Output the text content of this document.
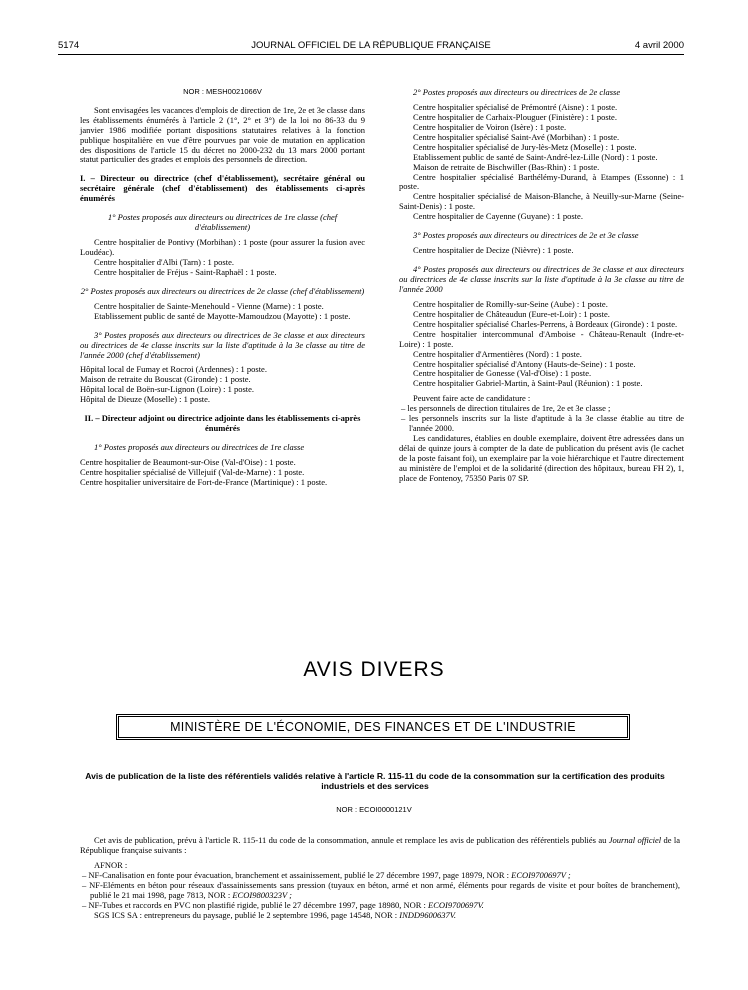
5174	JOURNAL OFFICIEL DE LA RÉPUBLIQUE FRANÇAISE	4 avril 2000

NOR : MESH0021066V

Sont envisagées les vacances d'emplois de direction de 1re, 2e et 3e classe dans les établissements énumérés à l'article 2 (1°, 2° et 3°) de la loi no 86-33 du 9 janvier 1986 modifiée portant dispositions statutaires relatives à la fonction publique hospitalière en vue d'être pourvues par voie de mutation en application des dispositions de l'article 15 du décret no 2000-232 du 13 mars 2000 portant statut particulier des grades et emplois des personnels de direction.

I. – Directeur ou directrice (chef d'établissement), secrétaire général ou secrétaire générale (chef d'établissement) des établissements ci-après énumérés

1° Postes proposés aux directeurs ou directrices de 1re classe (chef d'établissement)

Centre hospitalier de Pontivy (Morbihan) : 1 poste (pour assurer la fusion avec Loudéac).

Centre hospitalier d'Albi (Tarn) : 1 poste.

Centre hospitalier de Fréjus - Saint-Raphaël : 1 poste.

2° Postes proposés aux directeurs ou directrices de 2e classe (chef d'établissement)

Centre hospitalier de Sainte-Menehould - Vienne (Marne) : 1 poste.

Etablissement public de santé de Mayotte-Mamoudzou (Mayotte) : 1 poste.

3° Postes proposés aux directeurs ou directrices de 3e classe et aux directeurs ou directrices de 4e classe inscrits sur la liste d'aptitude à la 3e classe au titre de l'année 2000 (chef d'établissement)

Hôpital local de Fumay et Rocroi (Ardennes) : 1 poste.

Maison de retraite du Bouscat (Gironde) : 1 poste.

Hôpital local de Boën-sur-Lignon (Loire) : 1 poste.

Hôpital de Dieuze (Moselle) : 1 poste.

II. – Directeur adjoint ou directrice adjointe dans les établissements ci-après énumérés

1° Postes proposés aux directeurs ou directrices de 1re classe

Centre hospitalier de Beaumont-sur-Oise (Val-d'Oise) : 1 poste.

Centre hospitalier spécialisé de Villejuif (Val-de-Marne) : 1 poste.

Centre hospitalier universitaire de Fort-de-France (Martinique) : 1 poste.

2° Postes proposés aux directeurs ou directrices de 2e classe

Centre hospitalier spécialisé de Prémontré (Aisne) : 1 poste.

Centre hospitalier de Carhaix-Plouguer (Finistère) : 1 poste.

Centre hospitalier de Voiron (Isère) : 1 poste.

Centre hospitalier spécialisé Saint-Avé (Morbihan) : 1 poste.

Centre hospitalier spécialisé de Jury-lès-Metz (Moselle) : 1 poste.

Etablissement public de santé de Saint-André-lez-Lille (Nord) : 1 poste.

Maison de retraite de Bischwiller (Bas-Rhin) : 1 poste.

Centre hospitalier spécialisé Barthélémy-Durand, à Etampes (Essonne) : 1 poste.

Centre hospitalier spécialisé de Maison-Blanche, à Neuilly-sur-Marne (Seine-Saint-Denis) : 1 poste.

Centre hospitalier de Cayenne (Guyane) : 1 poste.

3° Postes proposés aux directeurs ou directrices de 2e et 3e classe

Centre hospitalier de Decize (Nièvre) : 1 poste.

4° Postes proposés aux directeurs ou directrices de 3e classe et aux directeurs ou directrices de 4e classe inscrits sur la liste d'aptitude à la 3e classe au titre de l'année 2000

Centre hospitalier de Romilly-sur-Seine (Aube) : 1 poste.

Centre hospitalier de Châteaudun (Eure-et-Loir) : 1 poste.

Centre hospitalier spécialisé Charles-Perrens, à Bordeaux (Gironde) : 1 poste.

Centre hospitalier intercommunal d'Amboise - Château-Renault (Indre-et-Loire) : 1 poste.

Centre hospitalier d'Armentières (Nord) : 1 poste.

Centre hospitalier spécialisé d'Antony (Hauts-de-Seine) : 1 poste.

Centre hospitalier de Gonesse (Val-d'Oise) : 1 poste.

Centre hospitalier Gabriel-Martin, à Saint-Paul (Réunion) : 1 poste.

Peuvent faire acte de candidature :

– les personnels de direction titulaires de 1re, 2e et 3e classe ;

– les personnels inscrits sur la liste d'aptitude à la 3e classe établie au titre de l'année 2000.

Les candidatures, établies en double exemplaire, doivent être adressées dans un délai de quinze jours à compter de la date de publication du présent avis (le cachet de la poste faisant foi), un exemplaire par la voie hiérarchique et l'autre directement au ministère de l'emploi et de la solidarité (direction des hôpitaux, bureau FH 2), 1, place de Fontenoy, 75350 Paris 07 SP.

AVIS DIVERS
MINISTÈRE DE L'ÉCONOMIE, DES FINANCES ET DE L'INDUSTRIE
Avis de publication de la liste des référentiels validés relative à l'article R. 115-11 du code de la consommation sur la certification des produits industriels et des services
NOR : ECOI0000121V

Cet avis de publication, prévu à l'article R. 115-11 du code de la consommation, annule et remplace les avis de publication des référentiels publiés au Journal officiel de la République française suivants :

AFNOR :

– NF-Canalisation en fonte pour évacuation, branchement et assainissement, publié le 27 décembre 1997, page 18979, NOR : ECOI9700697V ;

– NF-Eléments en béton pour réseaux d'assainissements sans pression (tuyaux en béton, armé et non armé, éléments pour regards de visite et pour boîtes de branchement), publié le 21 mai 1998, page 7813, NOR : ECOI9800323V ;

– NF-Tubes et raccords en PVC non plastifié rigide, publié le 27 décembre 1997, page 18980, NOR : ECOI9700697V.

SGS ICS SA : entrepreneurs du paysage, publié le 2 septembre 1996, page 14548, NOR : INDD9600637V.
